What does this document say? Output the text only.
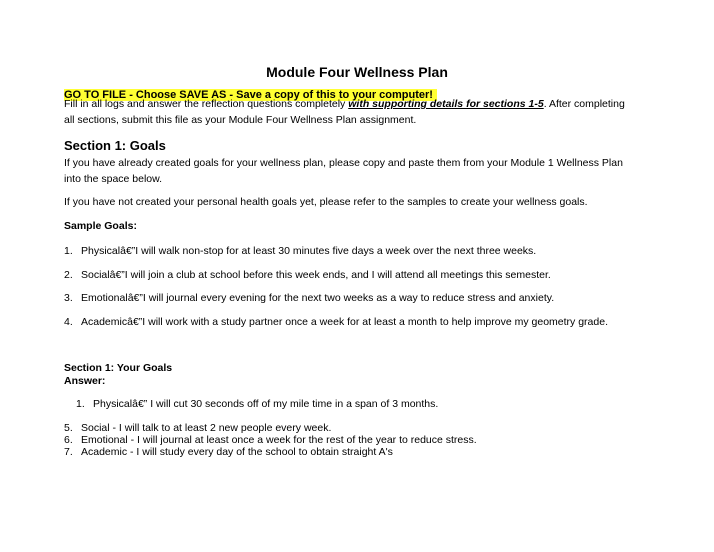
Module Four Wellness Plan
GO TO FILE - Choose SAVE AS - Save a copy of this to your computer!
Fill in all logs and answer the reflection questions completely with supporting details for sections 1-5. After completing
all sections, submit this file as your Module Four Wellness Plan assignment.
Section 1: Goals
If you have already created goals for your wellness plan, please copy and paste them from your Module 1 Wellness Plan
into the space below.
If you have not created your personal health goals yet, please refer to the samples to create your wellness goals.
Sample Goals:
1. Physicalâ€”I will walk non-stop for at least 30 minutes five days a week over the next three weeks.
2. Socialâ€”I will join a club at school before this week ends, and I will attend all meetings this semester.
3. Emotionalâ€”I will journal every evening for the next two weeks as a way to reduce stress and anxiety.
4. Academicâ€”I will work with a study partner once a week for at least a month to help improve my geometry grade.
Section 1: Your Goals
Answer:
1. Physicalâ€” I will cut 30 seconds off of my mile time in a span of 3 months.
5. Social - I will talk to at least 2 new people every week.
6. Emotional - I will journal at least once a week for the rest of the year to reduce stress.
7. Academic - I will study every day of the school to obtain straight A's
